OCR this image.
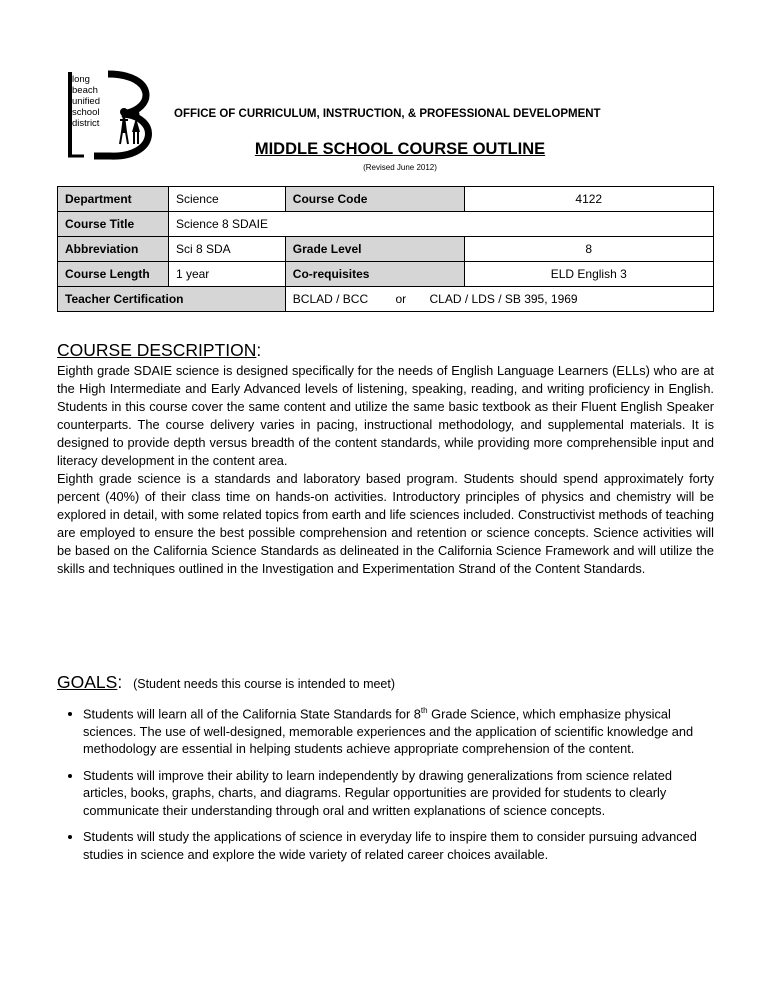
long
beach
unified
school
district
OFFICE OF CURRICULUM, INSTRUCTION, & PROFESSIONAL DEVELOPMENT
MIDDLE SCHOOL COURSE OUTLINE
(Revised June 2012)
Department	Science	Course Code	4122
Course Title	Science 8 SDAIE		
Abbreviation	Sci 8 SDA	Grade Level	8
Course Length	1 year	Co-requisites	ELD English 3
Teacher Certification		BCLAD / BCC or CLAD / LDS / SB 395, 1969	
COURSE DESCRIPTION:
Eighth grade SDAIE science is designed specifically for the needs of English Language Learners (ELLs) who are at the High Intermediate and Early Advanced levels of listening, speaking, reading, and writing proficiency in English. Students in this course cover the same content and utilize the same basic textbook as their Fluent English Speaker counterparts. The course delivery varies in pacing, instructional methodology, and supplemental materials. It is designed to provide depth versus breadth of the content standards, while providing more comprehensible input and literacy development in the content area.
Eighth grade science is a standards and laboratory based program. Students should spend approximately forty percent (40%) of their class time on hands-on activities. Introductory principles of physics and chemistry will be explored in detail, with some related topics from earth and life sciences included. Constructivist methods of teaching are employed to ensure the best possible comprehension and retention or science concepts. Science activities will be based on the California Science Standards as delineated in the California Science Framework and will utilize the skills and techniques outlined in the Investigation and Experimentation Strand of the Content Standards.
GOALS: (Student needs this course is intended to meet)
• Students will learn all of the California State Standards for 8th Grade Science, which emphasize physical sciences. The use of well-designed, memorable experiences and the application of scientific knowledge and methodology are essential in helping students achieve appropriate comprehension of the content.
• Students will improve their ability to learn independently by drawing generalizations from science related articles, books, graphs, charts, and diagrams. Regular opportunities are provided for students to clearly communicate their understanding through oral and written explanations of science concepts.
• Students will study the applications of science in everyday life to inspire them to consider pursuing advanced studies in science and explore the wide variety of related career choices available.
